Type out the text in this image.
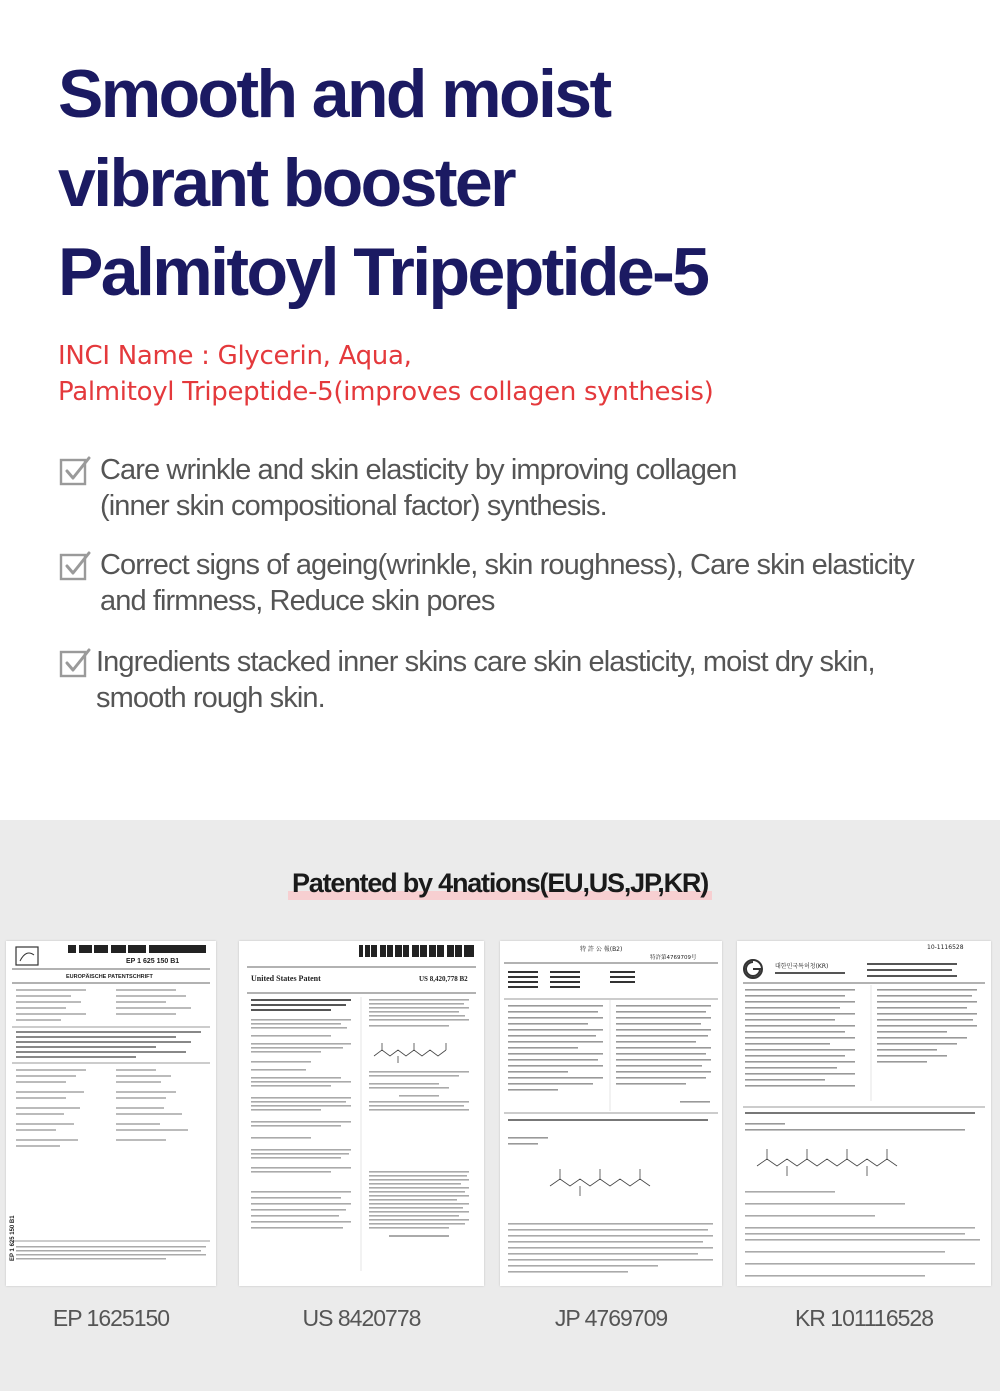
Smooth and moist
vibrant booster
Palmitoyl Tripeptide-5
INCI Name : Glycerin, Aqua,
Palmitoyl Tripeptide-5(improves collagen synthesis)
Care wrinkle and skin elasticity by improving collagen
(inner skin compositional factor) synthesis.
Correct signs of ageing(wrinkle, skin roughness), Care skin elasticity
and firmness, Reduce skin pores
Ingredients stacked inner skins care skin elasticity, moist dry skin,
smooth rough skin.
Patented by 4nations(EU,US,JP,KR)
EP 1 625 150 B1
EUROPÄISCHE PATENTSCHRIFT
EP 1 625 150 B1
United States Patent	US 8,420,778 B2
特 許 公 報(B2)
特許第4769709号
10-1116528
대한민국특허청(KR)
EP 1625150	US 8420778	JP 4769709	KR 101116528
